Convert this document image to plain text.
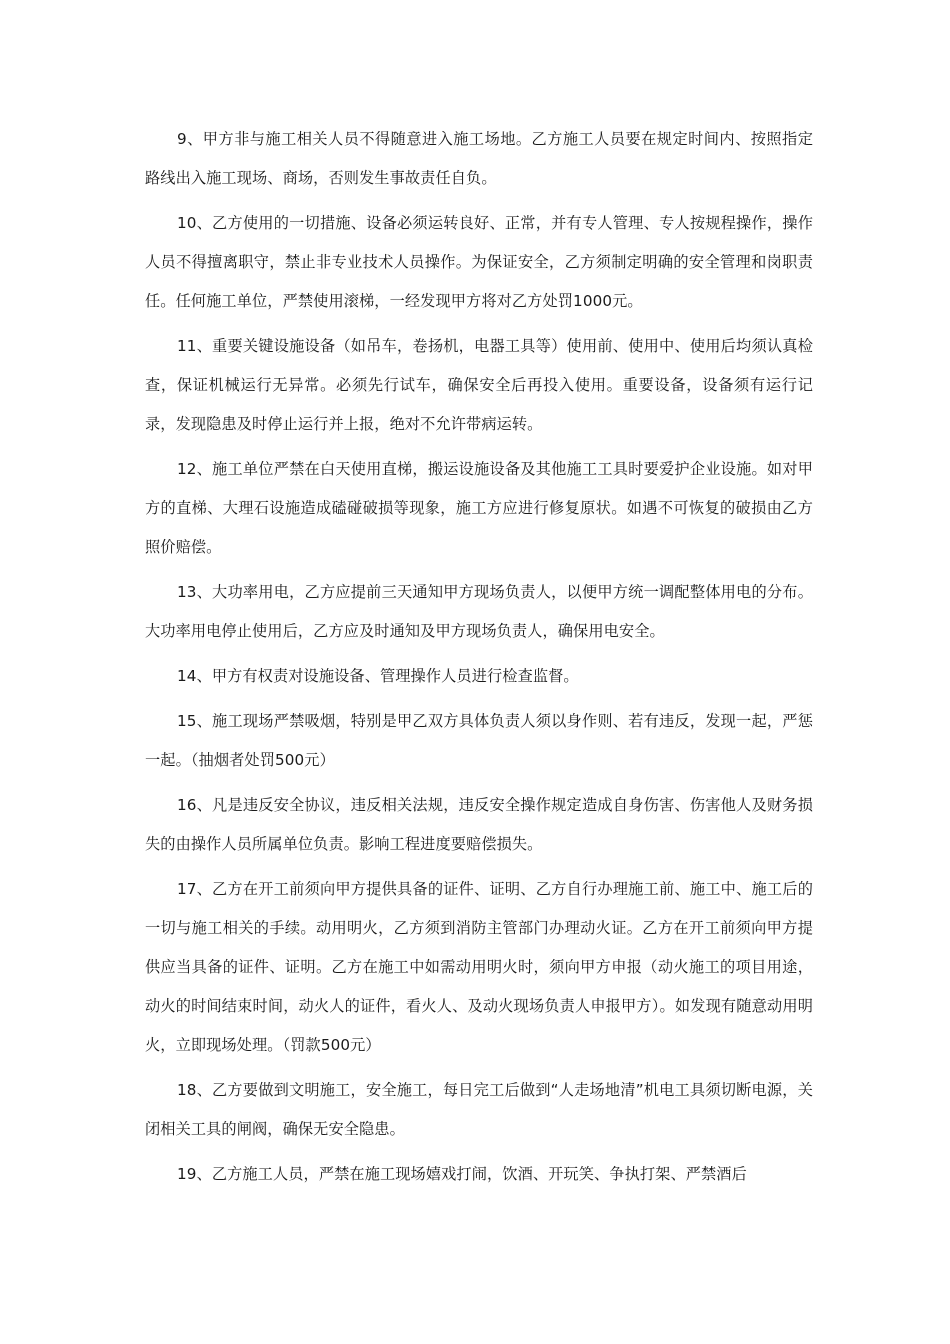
9、甲方非与施工相关人员不得随意进入施工场地。乙方施工人员要在规定时间内、按照指定路线出入施工现场、商场，否则发生事故责任自负。

10、乙方使用的一切措施、设备必须运转良好、正常，并有专人管理、专人按规程操作，操作人员不得擅离职守，禁止非专业技术人员操作。为保证安全，乙方须制定明确的安全管理和岗职责任。任何施工单位，严禁使用滚梯，一经发现甲方将对乙方处罚1000元。

11、重要关键设施设备（如吊车，卷扬机，电器工具等）使用前、使用中、使用后均须认真检查，保证机械运行无异常。必须先行试车，确保安全后再投入使用。重要设备，设备须有运行记录，发现隐患及时停止运行并上报，绝对不允许带病运转。

12、施工单位严禁在白天使用直梯，搬运设施设备及其他施工工具时要爱护企业设施。如对甲方的直梯、大理石设施造成磕碰破损等现象，施工方应进行修复原状。如遇不可恢复的破损由乙方照价赔偿。

13、大功率用电，乙方应提前三天通知甲方现场负责人，以便甲方统一调配整体用电的分布。大功率用电停止使用后，乙方应及时通知及甲方现场负责人，确保用电安全。

14、甲方有权责对设施设备、管理操作人员进行检查监督。

15、施工现场严禁吸烟，特别是甲乙双方具体负责人须以身作则、若有违反，发现一起，严惩一起。（抽烟者处罚500元）

16、凡是违反安全协议，违反相关法规，违反安全操作规定造成自身伤害、伤害他人及财务损失的由操作人员所属单位负责。影响工程进度要赔偿损失。

17、乙方在开工前须向甲方提供具备的证件、证明、乙方自行办理施工前、施工中、施工后的一切与施工相关的手续。动用明火，乙方须到消防主管部门办理动火证。乙方在开工前须向甲方提供应当具备的证件、证明。乙方在施工中如需动用明火时，须向甲方申报（动火施工的项目用途，动火的时间结束时间，动火人的证件，看火人、及动火现场负责人申报甲方）。如发现有随意动用明火，立即现场处理。（罚款500元）

18、乙方要做到文明施工，安全施工，每日完工后做到“人走场地清”机电工具须切断电源，关闭相关工具的闸阀，确保无安全隐患。

19、乙方施工人员，严禁在施工现场嬉戏打闹，饮酒、开玩笑、争执打架、严禁酒后
